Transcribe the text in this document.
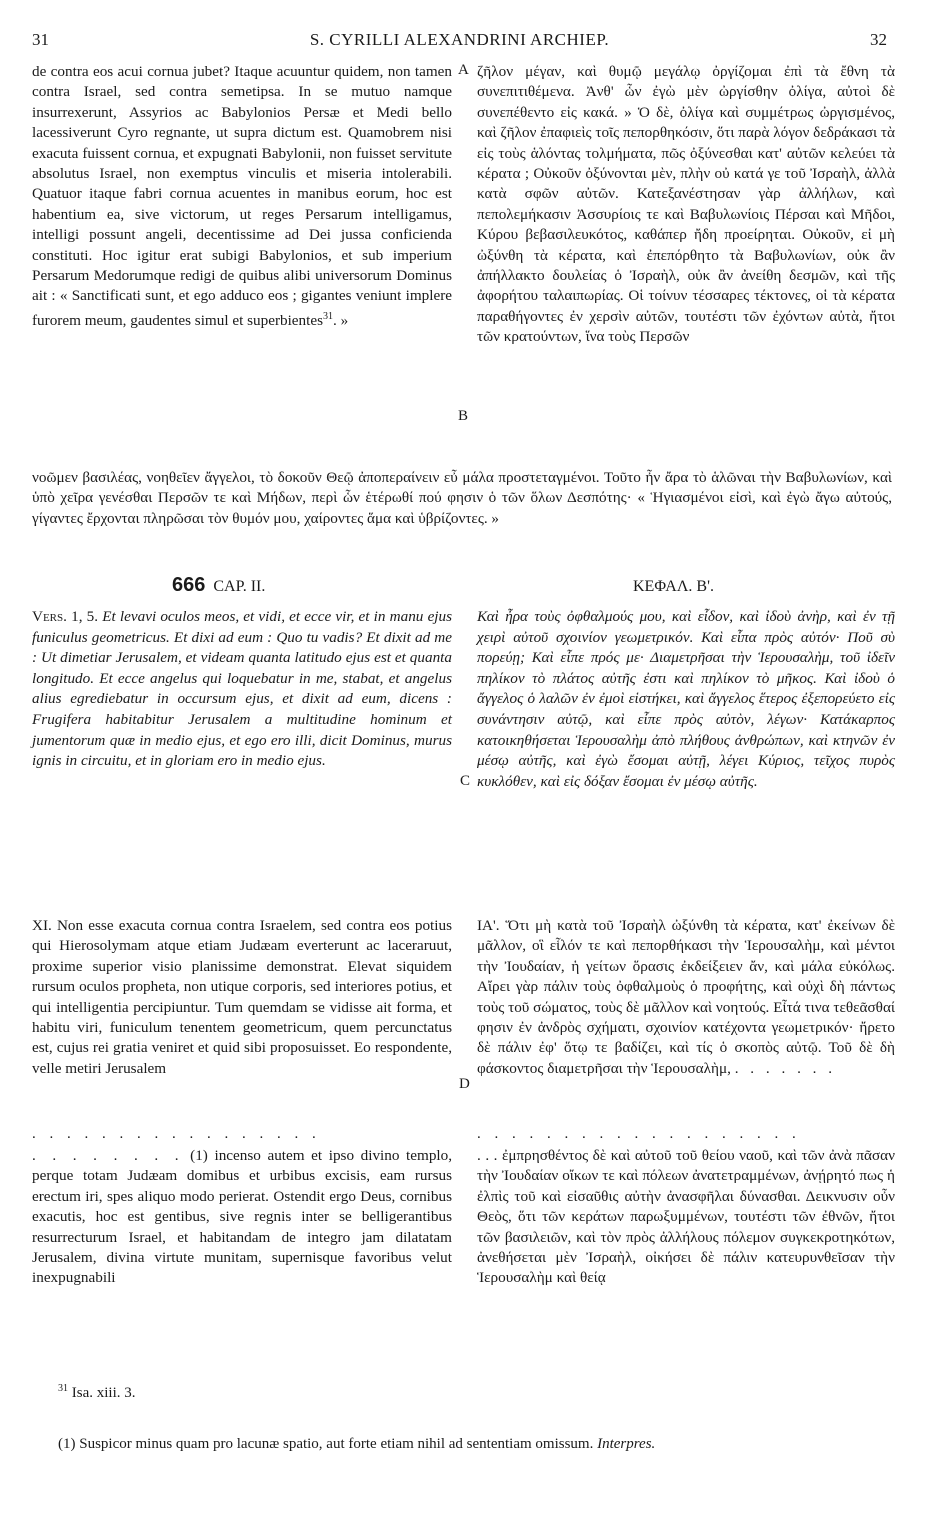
31	S. CYRILLI ALEXANDRINI ARCHIEP.	32
de contra eos acui cornua jubet? Itaque acuuntur quidem, non tamen contra Israel, sed contra semetipsa. In se mutuo namque insurrexerunt, Assyrios ac Babylonios Persæ et Medi bello lacessiverunt Cyro regnante, ut supra dictum est. Quamobrem nisi exacuta fuissent cornua, et expugnati Babylonii, non fuisset servitute absolutus Israel, non exemptus vinculis et miseria intolerabili. Quatuor itaque fabri cornua acuentes in manibus eorum, hoc est habentium ea, sive victorum, ut reges Persarum intelligamus, intelligi possunt angeli, decentissime ad Dei jussa conficienda constituti. Hoc igitur erat subigi Babylonios, et sub imperium Persarum Medorumque redigi de quibus alibi universorum Dominus ait : « Sanctificati sunt, et ego adduco eos ; gigantes veniunt implere furorem meum, gaudentes simul et superbientes$^{31}$. »
ζῆλον μέγαν, καὶ θυμῷ μεγάλῳ ὀργίζομαι ἐπὶ τὰ ἔθνη τὰ συνεπιτιθέμενα. Ἀνθ' ὧν ἐγὼ μὲν ὠργίσθην ὀλίγα, αὐτοὶ δὲ συνεπέθεντο εἰς κακά. » Ὁ δὲ, ὀλίγα καὶ συμμέτρως ὠργισμένος, καὶ ζῆλον ἐπαφιεὶς τοῖς πεπορθηκόσιν, ὅτι παρὰ λόγον δεδράκασι τὰ εἰς τοὺς ἁλόντας τολμήματα, πῶς ὀξύνεσθαι κατ' αὐτῶν κελεύει τὰ κέρατα ; Οὐκοῦν ὀξύνονται μὲν, πλὴν οὐ κατά γε τοῦ Ἰσραὴλ, ἀλλὰ κατὰ σφῶν αὐτῶν. Κατεξανέστησαν γὰρ ἀλλήλων, καὶ πεπολεμήκασιν Ἀσσυρίοις τε καὶ Βαβυλωνίοις Πέρσαι καὶ Μῆδοι, Κύρου βεβασιλευκότος, καθάπερ ἤδη προείρηται. Οὐκοῦν, εἰ μὴ ὠξύνθη τὰ κέρατα, καὶ ἐπεπόρθητο τὰ Βαβυλωνίων, οὐκ ἂν ἀπήλλακτο δουλείας ὁ Ἰσραὴλ, οὐκ ἂν ἀνείθη δεσμῶν, καὶ τῆς ἀφορήτου ταλαιπωρίας. Οἱ τοίνυν τέσσαρες τέκτονες, οἱ τὰ κέρατα παραθήγοντες ἐν χερσὶν αὐτῶν, τουτέστι τῶν ἐχόντων αὐτὰ, ἤτοι τῶν κρατούντων, ἵνα τοὺς Περσῶν
A
B
C
D
νοῶμεν βασιλέας, νοηθεῖεν ἄγγελοι, τὸ δοκοῦν Θεῷ ἀποπεραίνειν εὖ μάλα προστεταγμένοι. Τοῦτο ἦν ἄρα τὸ ἁλῶναι τὴν Βαβυλωνίων, καὶ ὑπὸ χεῖρα γενέσθαι Περσῶν τε καὶ Μήδων, περὶ ὧν ἑτέρωθί πού φησιν ὁ τῶν ὅλων Δεσπότης· « Ἡγιασμένοι εἰσὶ, καὶ ἐγὼ ἄγω αὐτούς, γίγαντες ἔρχονται πληρῶσαι τὸν θυμόν μου, χαίροντες ἅμα καὶ ὑβρίζοντες. »
666 CAP. II.	ΚΕΦΑΛ. Β'.
Vers. 1, 5. Et levavi oculos meos, et vidi, et ecce vir, et in manu ejus funiculus geometricus. Et dixi ad eum : Quo tu vadis? Et dixit ad me : Ut dimetiar Jerusalem, et videam quanta latitudo ejus est et quanta longitudo. Et ecce angelus qui loquebatur in me, stabat, et angelus alius egrediebatur in occursum ejus, et dixit ad eum, dicens : Frugifera habitabitur Jerusalem a multitudine hominum et jumentorum quæ in medio ejus, et ego ero illi, dicit Dominus, murus ignis in circuitu, et in gloriam ero in medio ejus.
Καὶ ἦρα τοὺς ὀφθαλμούς μου, καὶ εἶδον, καὶ ἰδοὺ ἀνὴρ, καὶ ἐν τῇ χειρὶ αὐτοῦ σχοινίον γεωμετρικόν. Καὶ εἶπα πρὸς αὐτόν· Ποῦ σὺ πορεύῃ; Καὶ εἶπε πρός με· Διαμετρῆσαι τὴν Ἱερουσαλὴμ, τοῦ ἰδεῖν πηλίκον τὸ πλάτος αὐτῆς ἐστι καὶ πηλίκον τὸ μῆκος. Καὶ ἰδοὺ ὁ ἄγγελος ὁ λαλῶν ἐν ἐμοὶ εἱστήκει, καὶ ἄγγελος ἕτερος ἐξεπορεύετο εἰς συνάντησιν αὐτῷ, καὶ εἶπε πρὸς αὐτὸν, λέγων· Κατάκαρπος κατοικηθήσεται Ἱερουσαλὴμ ἀπὸ πλήθους ἀνθρώπων, καὶ κτηνῶν ἐν μέσῳ αὐτῆς, καὶ ἐγὼ ἔσομαι αὐτῇ, λέγει Κύριος, τεῖχος πυρὸς κυκλόθεν, καὶ εἰς δόξαν ἔσομαι ἐν μέσῳ αὐτῆς.
XI. Non esse exacuta cornua contra Israelem, sed contra eos potius qui Hierosolymam atque etiam Judæam everterunt ac laceraruut, proxime superior visio planissime demonstrat. Elevat siquidem rursum oculos propheta, non utique corporis, sed interiores potius, et qui intelligentia percipiuntur. Tum quemdam se vidisse ait forma, et habitu viri, funiculum tenentem geometricum, quem percunctatus est, cujus rei gratia veniret et quid sibi proposuisset. Eo respondente, velle metiri Jerusalem
. . . . . . . . . . . . . . . . .
. . . . . . . . (1) incenso autem et ipso divino templo, perque totam Judæam domibus et urbibus excisis, eam rursus erectum iri, spes aliquo modo perierat. Ostendit ergo Deus, cornibus exacutis, hoc est gentibus, sive regnis inter se belligerantibus resurrecturum Israel, et habitandam de integro jam dilatatam Jerusalem, divina virtute munitam, supernisque favoribus velut inexpugnabili
ΙΑ'. Ὅτι μὴ κατὰ τοῦ Ἰσραὴλ ὠξύνθη τὰ κέρατα, κατ' ἐκείνων δὲ μᾶλλον, οἳ εἷλόν τε καὶ πεπορθήκασι τὴν Ἱερουσαλὴμ, καὶ μέντοι τὴν Ἰουδαίαν, ἡ γείτων ὅρασις ἐκδείξειεν ἄν, καὶ μάλα εὐκόλως. Αἴρει γὰρ πάλιν τοὺς ὀφθαλμοὺς ὁ προφήτης, καὶ οὐχὶ δὴ πάντως τοὺς τοῦ σώματος, τοὺς δὲ μᾶλλον καὶ νοητούς. Εἶτά τινα τεθεᾶσθαί φησιν ἐν ἀνδρὸς σχήματι, σχοινίον κατέχοντα γεωμετρικόν· ἤρετο δὲ πάλιν ἐφ' ὅτῳ τε βαδίζει, καὶ τίς ὁ σκοπὸς αὐτῷ. Τοῦ δὲ δὴ φάσκοντος διαμετρῆσαι τὴν Ἱερουσαλὴμ, . . . . . . .
. . . . . . . . . . . . . . . . . . .
. . . ἐμπρησθέντος δὲ καὶ αὐτοῦ τοῦ θείου ναοῦ, καὶ τῶν ἀνὰ πᾶσαν τὴν Ἰουδαίαν οἴκων τε καὶ πόλεων ἀνατετραμμένων, ἀνῄρητό πως ἡ ἐλπὶς τοῦ καὶ εἰσαῦθις αὐτὴν ἀνασφῆλαι δύνασθαι. Δεικνυσιν οὖν Θεὸς, ὅτι τῶν κεράτων παρωξυμμένων, τουτέστι τῶν ἐθνῶν, ἤτοι τῶν βασιλειῶν, καὶ τὸν πρὸς ἀλλήλους πόλεμον συγκεκροτηκότων, ἀνεθήσεται μὲν Ἰσραὴλ, οἰκήσει δὲ πάλιν κατευρυνθεῖσαν τὴν Ἱερουσαλὴμ καὶ θείᾳ
$^{31}$ Isa. xiii. 3.
(1) Suspicor minus quam pro lacunæ spatio, aut forte etiam nihil ad sententiam omissum. Interpres.
